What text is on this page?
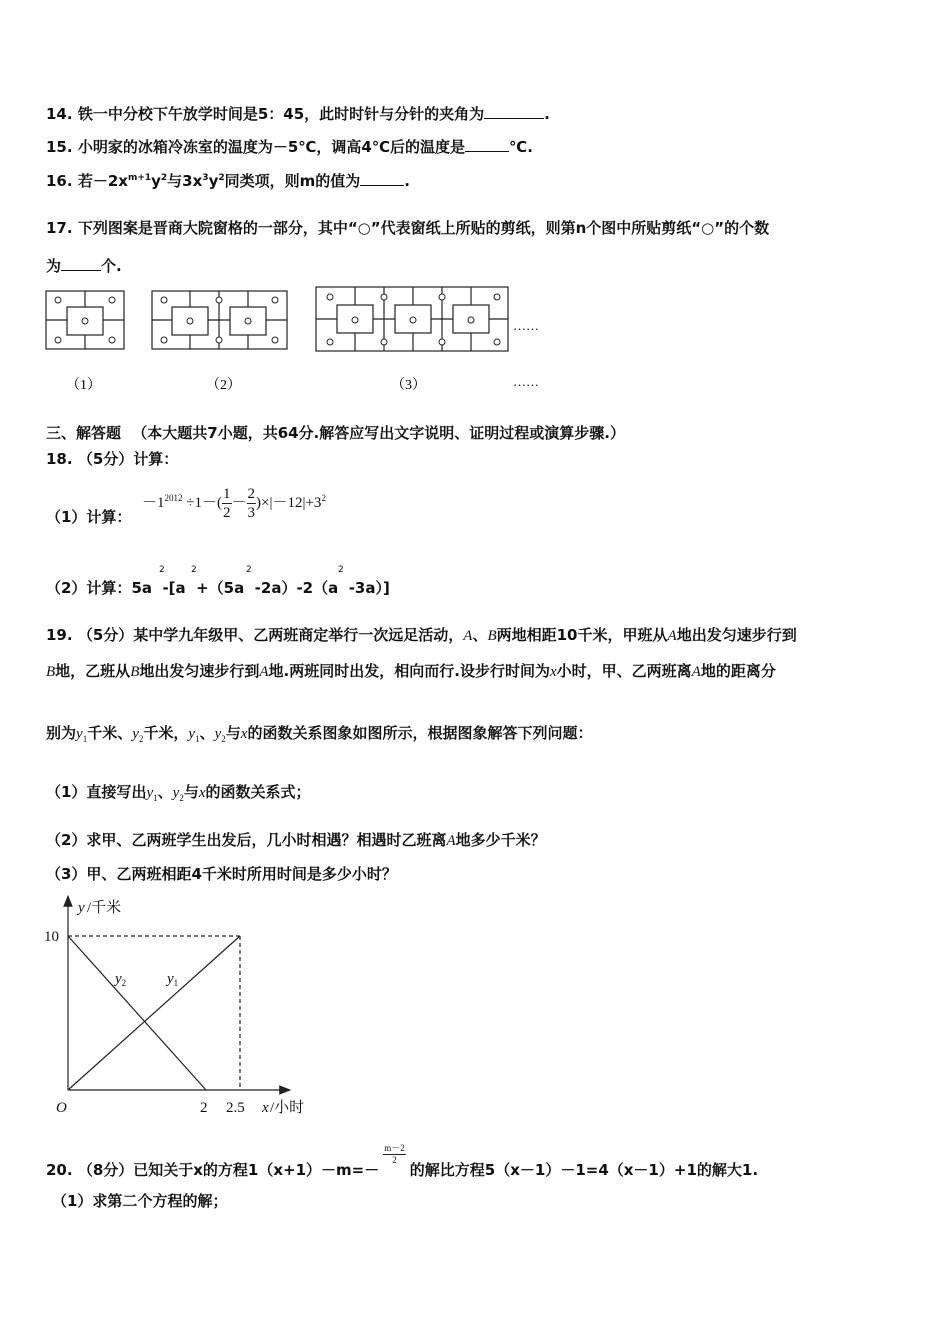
14. 铁一中分校下午放学时间是5：45，此时时针与分针的夹角为	.
15. 小明家的冰箱冷冻室的温度为－5℃，调高4℃后的温度是	℃.
16. 若$-2x^{m+1}y^2$与$3x^3y^2$同类项，则m的值为	.
17. 下列图案是晋商大院窗格的一部分，其中“○”代表窗纸上所贴的剪纸，则第n个图中所贴剪纸“○”的个数
为	个.
……
（1）	（2）	（3）	……
三、解答题 （本大题共7小题，共64分.解答应写出文字说明、证明过程或演算步骤.）
18. （5分）计算：
（1）计算：
$-1^{2012} \div 1-( \frac{1}{2} - \frac{2}{3} )\times|-12|+3^2$
（2）计算：5a  -[a  +（5a  -2a）-2（a  -3a）]
2	2	2	2
19. （5分）某中学九年级甲、乙两班商定举行一次远足活动，A、B两地相距10千米，甲班从A地出发匀速步行到
B地，乙班从B地出发匀速步行到A地.两班同时出发，相向而行.设步行时间为x小时，甲、乙两班离A地的距离分
别为$y_1$千米、$y_2$千米，$y_1$、$y_2$与x的函数关系图象如图所示，根据图象解答下列问题：
（1）直接写出$y_1$、$y_2$与x的函数关系式；
（2）求甲、乙两班学生出发后，几小时相遇？相遇时乙班离A地多少千米？
（3）甲、乙两班相距4千米时所用时间是多少小时？
y /千米
10
O	2 2.5 x /小时
$y_2$	$y_1$
20. （8分）已知关于x的方程1（x+1）－m=－
$\frac{m-2}{2}$
的解比方程5（x－1）－1=4（x－1）+1的解大1.
（1）求第二个方程的解；
